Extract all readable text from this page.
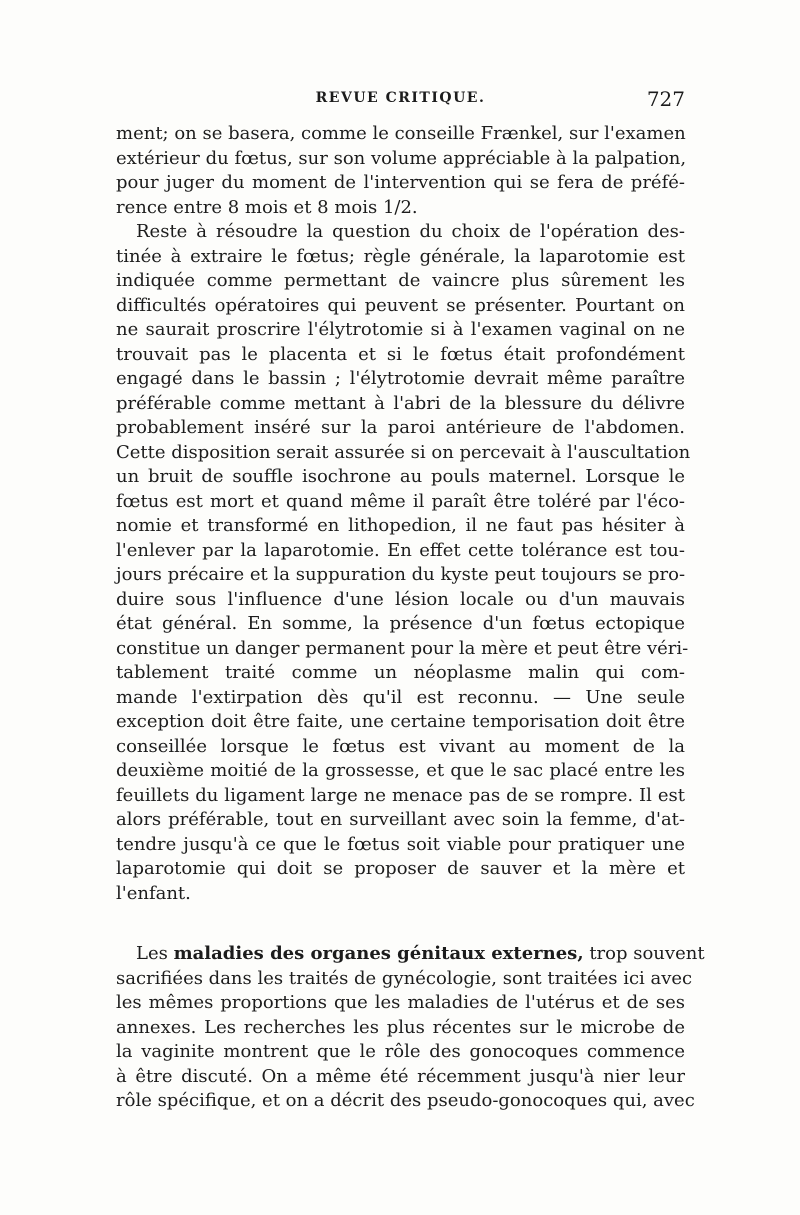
REVUE CRITIQUE.	727

ment; on se basera, comme le conseille Frænkel, sur l'examen
extérieur du fœtus, sur son volume appréciable à la palpation,
pour juger du moment de l'intervention qui se fera de préfé-
rence entre 8 mois et 8 mois 1/2.

Reste à résoudre la question du choix de l'opération des-
tinée à extraire le fœtus; règle générale, la laparotomie est
indiquée comme permettant de vaincre plus sûrement les
difficultés opératoires qui peuvent se présenter. Pourtant on
ne saurait proscrire l'élytrotomie si à l'examen vaginal on ne
trouvait pas le placenta et si le fœtus était profondément
engagé dans le bassin ; l'élytrotomie devrait même paraître
préférable comme mettant à l'abri de la blessure du délivre
probablement inséré sur la paroi antérieure de l'abdomen.
Cette disposition serait assurée si on percevait à l'auscultation
un bruit de souffle isochrone au pouls maternel. Lorsque le
fœtus est mort et quand même il paraît être toléré par l'éco-
nomie et transformé en lithopedion, il ne faut pas hésiter à
l'enlever par la laparotomie. En effet cette tolérance est tou-
jours précaire et la suppuration du kyste peut toujours se pro-
duire sous l'influence d'une lésion locale ou d'un mauvais
état général. En somme, la présence d'un fœtus ectopique
constitue un danger permanent pour la mère et peut être véri-
tablement traité comme un néoplasme malin qui com-
mande l'extirpation dès qu'il est reconnu. — Une seule
exception doit être faite, une certaine temporisation doit être
conseillée lorsque le fœtus est vivant au moment de la
deuxième moitié de la grossesse, et que le sac placé entre les
feuillets du ligament large ne menace pas de se rompre. Il est
alors préférable, tout en surveillant avec soin la femme, d'at-
tendre jusqu'à ce que le fœtus soit viable pour pratiquer une
laparotomie qui doit se proposer de sauver et la mère et
l'enfant.

Les maladies des organes génitaux externes, trop souvent
sacrifiées dans les traités de gynécologie, sont traitées ici avec
les mêmes proportions que les maladies de l'utérus et de ses
annexes. Les recherches les plus récentes sur le microbe de
la vaginite montrent que le rôle des gonocoques commence
à être discuté. On a même été récemment jusqu'à nier leur
rôle spécifique, et on a décrit des pseudo-gonocoques qui, avec
